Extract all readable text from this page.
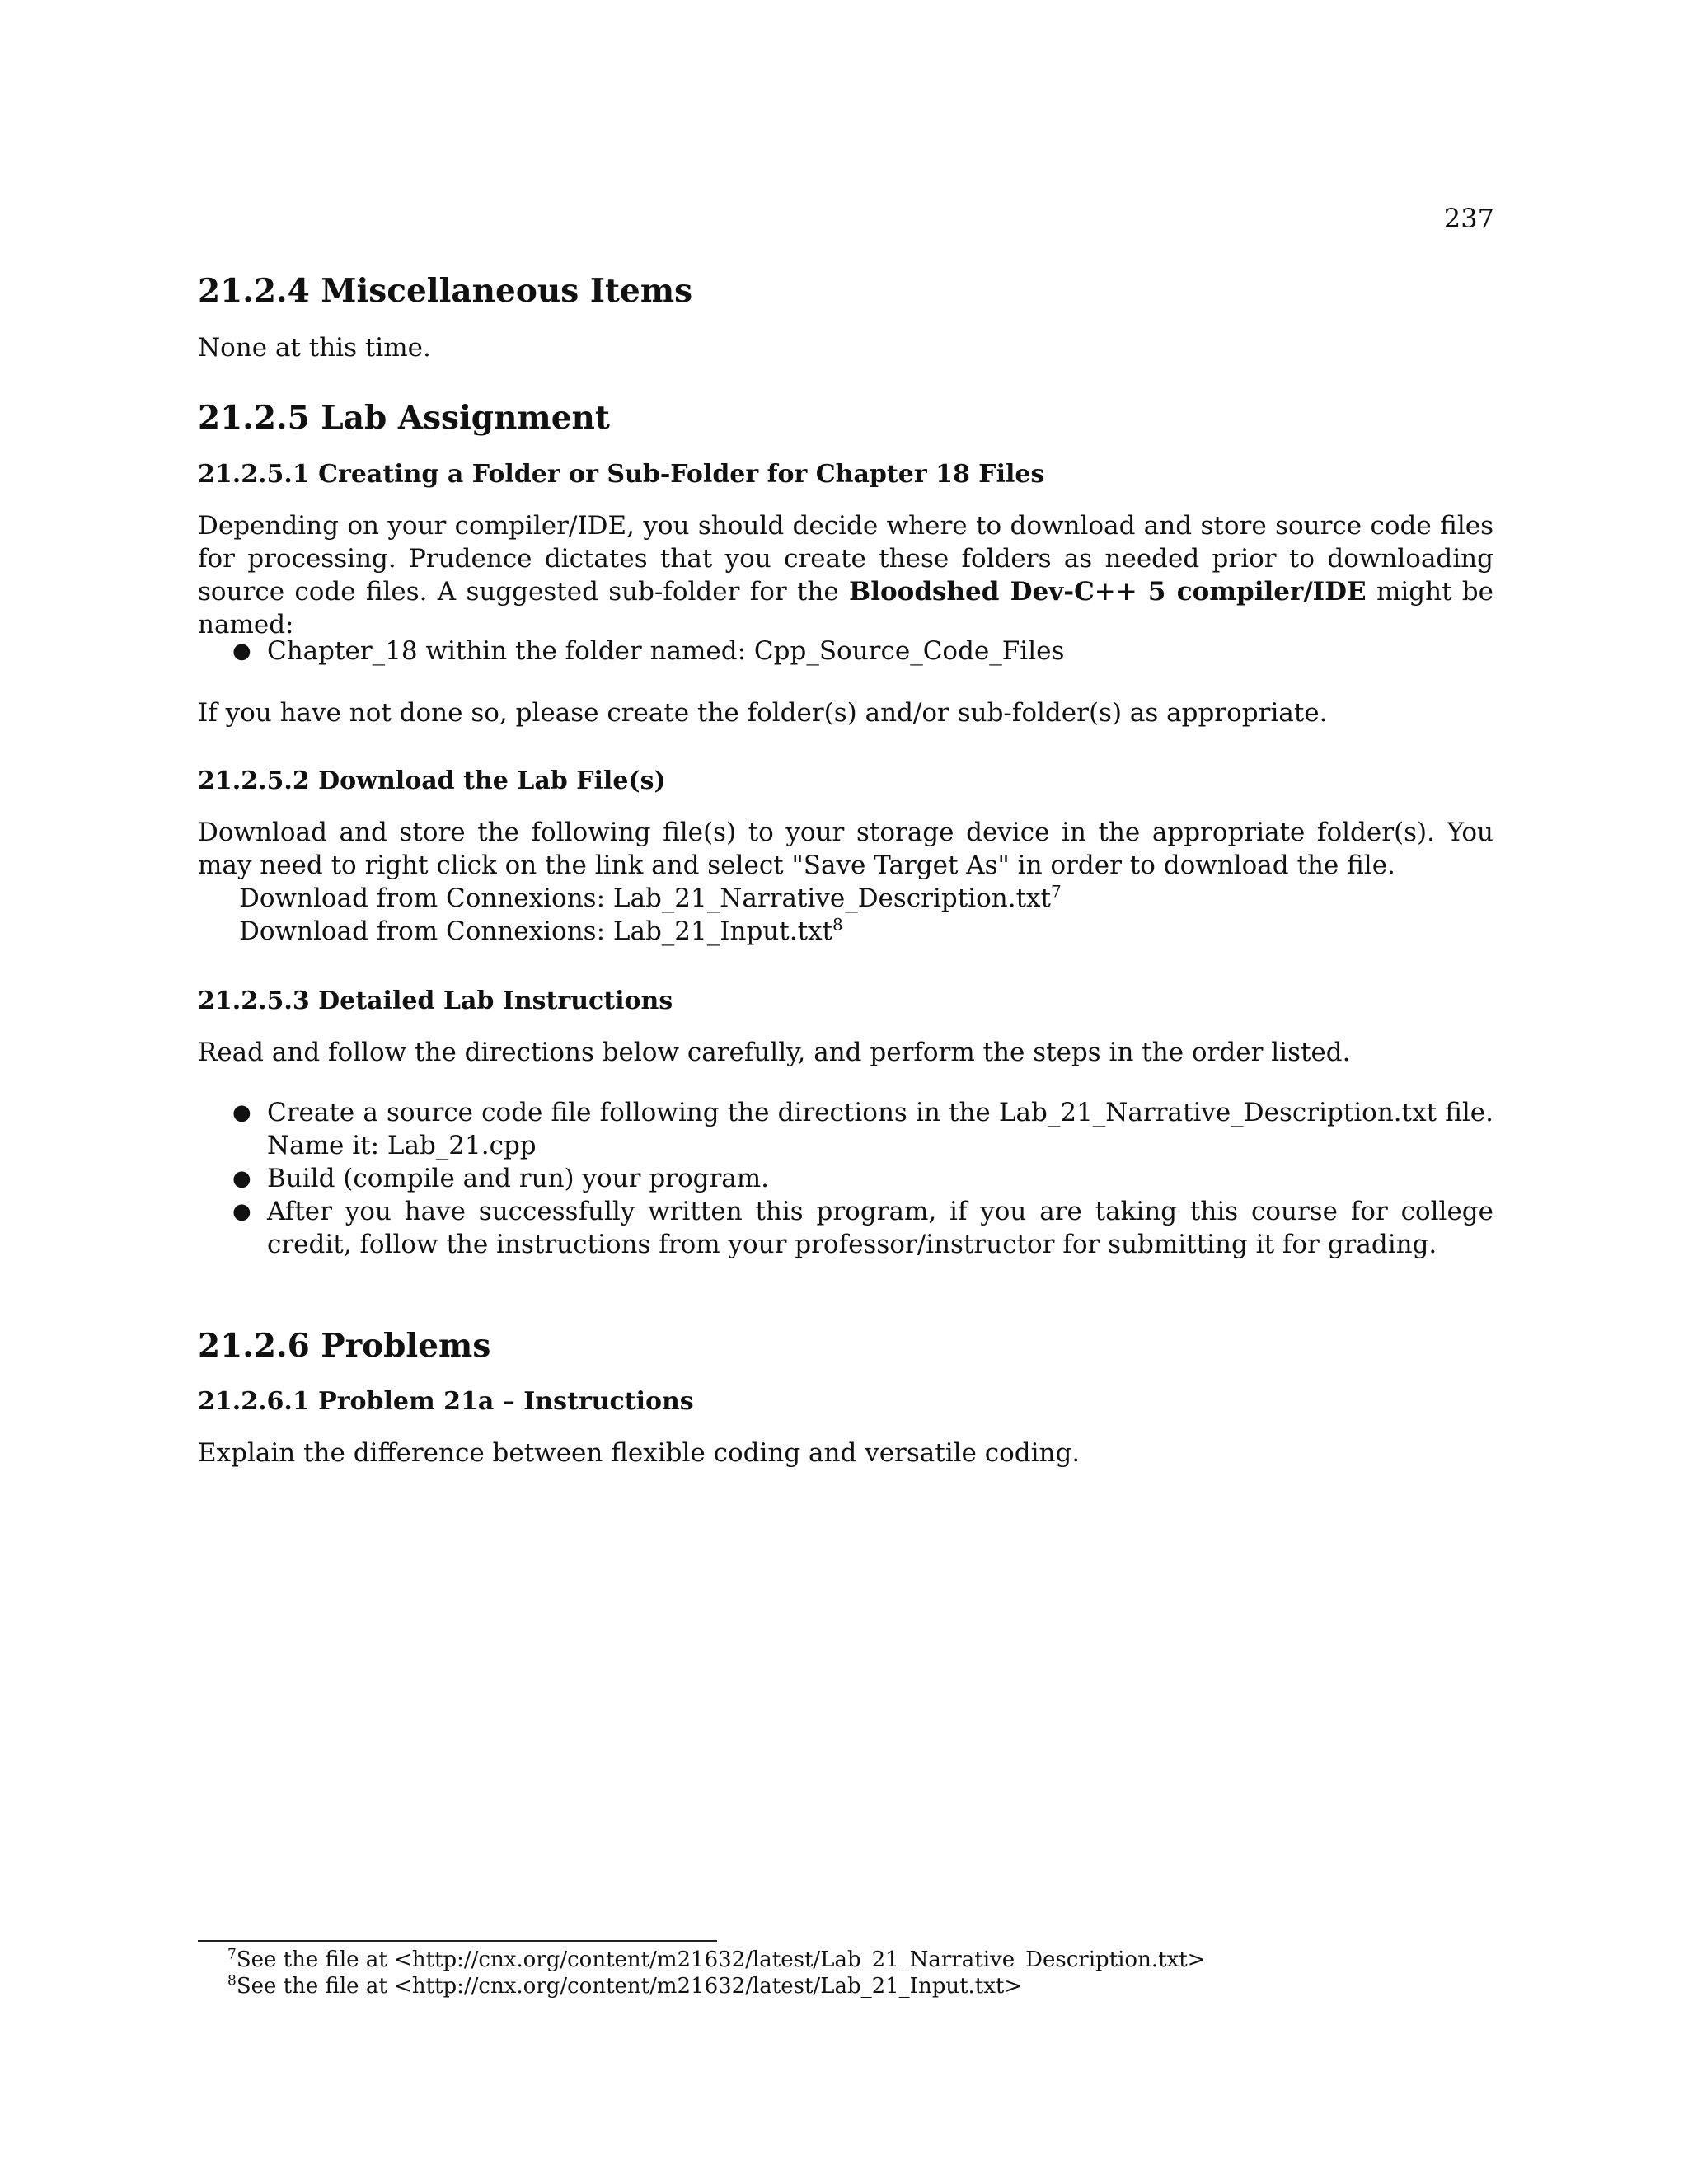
237
21.2.4 Miscellaneous Items
None at this time.
21.2.5 Lab Assignment
21.2.5.1 Creating a Folder or Sub-Folder for Chapter 18 Files
Depending on your compiler/IDE, you should decide where to download and store source code files for processing. Prudence dictates that you create these folders as needed prior to downloading source code files. A suggested sub-folder for the Bloodshed Dev-C++ 5 compiler/IDE might be named:
● Chapter_18 within the folder named: Cpp_Source_Code_Files
If you have not done so, please create the folder(s) and/or sub-folder(s) as appropriate.
21.2.5.2 Download the Lab File(s)
Download and store the following file(s) to your storage device in the appropriate folder(s). You may need to right click on the link and select "Save Target As" in order to download the file.
Download from Connexions: Lab_21_Narrative_Description.txt$^7$
Download from Connexions: Lab_21_Input.txt$^8$
21.2.5.3 Detailed Lab Instructions
Read and follow the directions below carefully, and perform the steps in the order listed.
● Create a source code file following the directions in the Lab_21_Narrative_Description.txt file. Name it: Lab_21.cpp
● Build (compile and run) your program.
● After you have successfully written this program, if you are taking this course for college credit, follow the instructions from your professor/instructor for submitting it for grading.
21.2.6 Problems
21.2.6.1 Problem 21a – Instructions
Explain the difference between flexible coding and versatile coding.
$^7$See the file at <http://cnx.org/content/m21632/latest/Lab_21_Narrative_Description.txt>
$^8$See the file at <http://cnx.org/content/m21632/latest/Lab_21_Input.txt>
